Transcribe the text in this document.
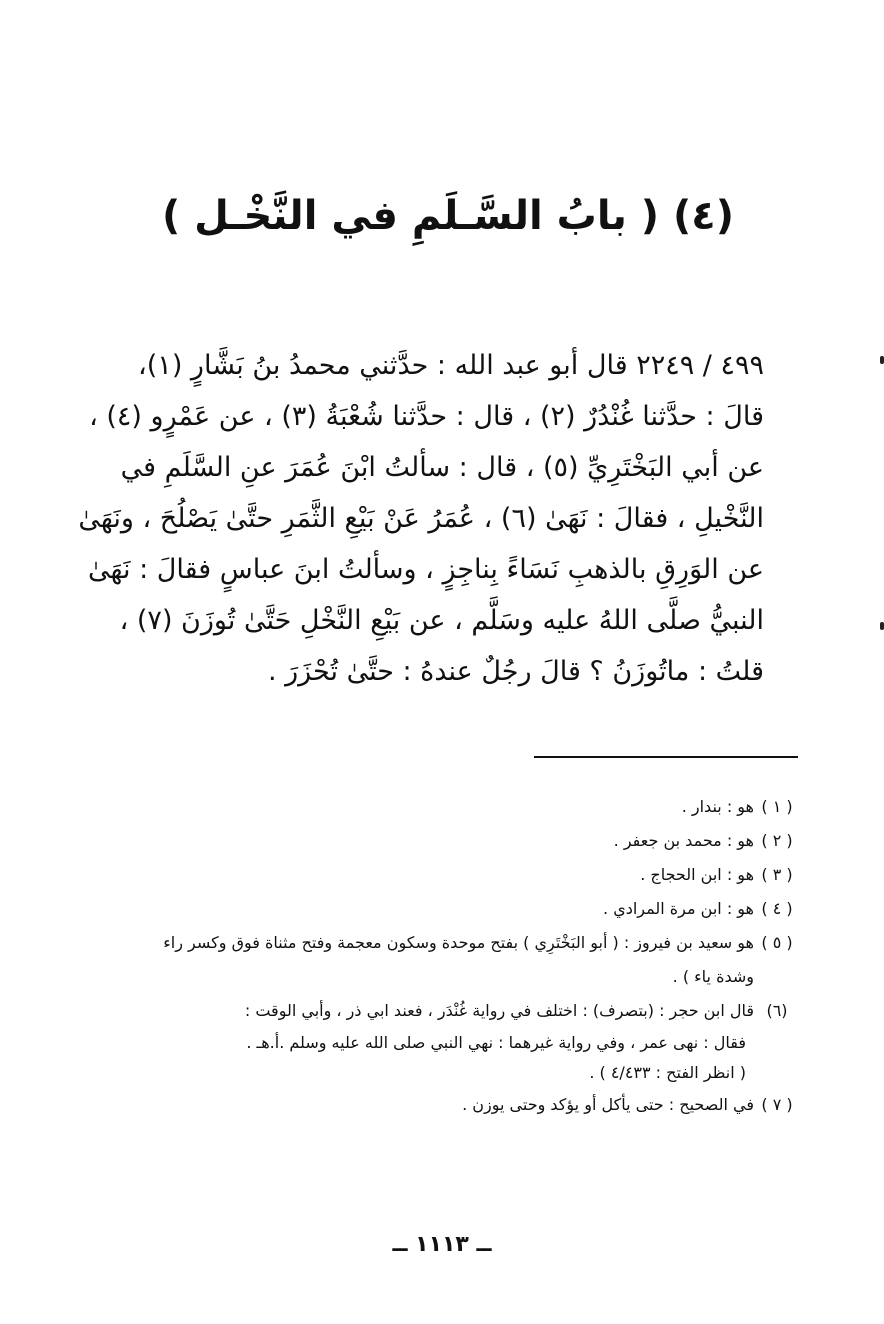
(٤) ( بابُ السَّـلَمِ في النَّخْـل )
٤٩٩ / ٢٢٤٩ قال أبو عبد الله : حدَّثني محمدُ بنُ بَشَّارٍ (١)،
قالَ : حدَّثنا غُنْدُرٌ (٢) ، قال : حدَّثنا شُعْبَةُ (٣) ، عن عَمْرٍو (٤) ،
عن أبي البَخْتَرِيِّ (٥) ، قال : سألتُ ابْنَ عُمَرَ عنِ السَّلَمِ في
النَّخْيلِ ، فقالَ : نَهَىٰ (٦) ، عُمَرُ عَنْ بَيْعِ الثَّمَرِ حتَّىٰ يَصْلُحَ ، ونَهَىٰ
عن الوَرِقِ بالذهبِ نَسَاءً بِناجِزٍ ، وسألتُ ابنَ عباسٍ فقالَ : نَهَىٰ
النبيُّ صلَّى اللهُ عليه وسَلَّم ، عن بَيْعِ النَّخْلِ حَتَّىٰ تُوزَنَ (٧) ،
قلتُ : ماتُوزَنُ ؟ قالَ رجُلٌ عندهُ : حتَّىٰ تُحْزَرَ .
( ١ )
هو : بندار .
( ٢ )
هو : محمد بن جعفر .
( ٣ )
هو : ابن الحجاج .
( ٤ )
هو : ابن مرة المرادي .
( ٥ )
هو سعيد بن فيروز : ( أبو البَخْتَرِي ) بفتح موحدة وسكون معجمة وفتح مثناة فوق وكسر راء وشدة ياء ) .
(٦)
قال ابن حجر : (بتصرف) : اختلف في رواية غُنْدَر ، فعند ابي ذر ، وأبي الوقت :
فقال : نهى عمر ، وفي رواية غيرهما : نهي النبي صلى الله عليه وسلم .أ.هـ .
( انظر الفتح : ٤/٤٣٣ ) .
( ٧ )
في الصحيح : حتى يأكل أو يؤكد وحتى يوزن .
ــ ١١١٣ ــ
